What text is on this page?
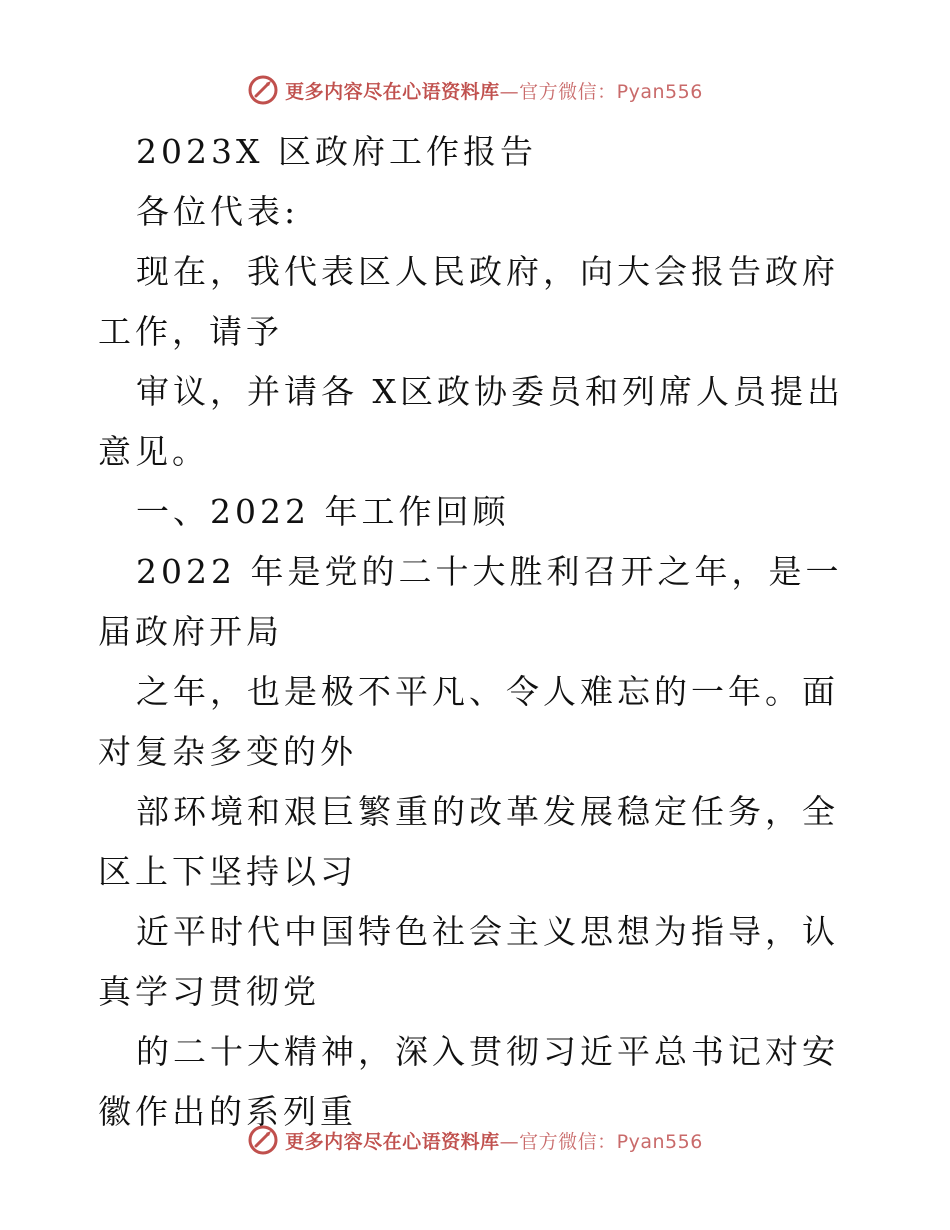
更多内容尽在心语资料库—官方微信：Pyan556

2023X 区政府工作报告

各位代表:

现在，我代表区人民政府，向大会报告政府工作，请予

审议，并请各 X区政协委员和列席人员提出意见。

一、2022 年工作回顾

2022 年是党的二十大胜利召开之年，是一届政府开局

之年，也是极不平凡、令人难忘的一年。面对复杂多变的外

部环境和艰巨繁重的改革发展稳定任务，全区上下坚持以习

近平时代中国特色社会主义思想为指导，认真学习贯彻党

的二十大精神，深入贯彻习近平总书记对安徽作出的系列重

更多内容尽在心语资料库—官方微信：Pyan556
